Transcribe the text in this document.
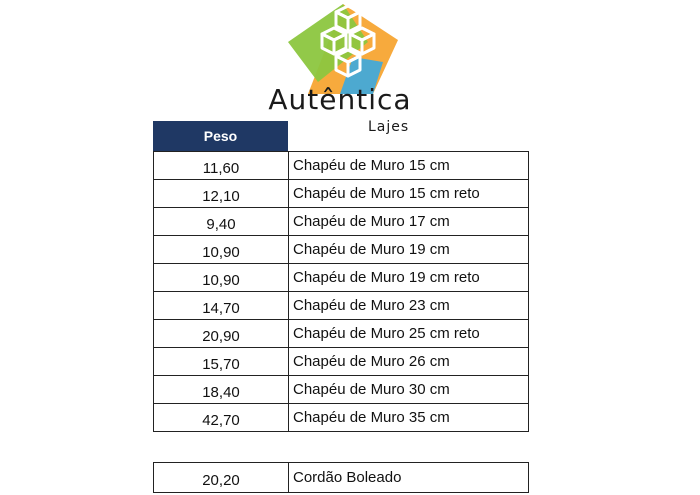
Autêntica
Lajes
Peso
11,60	Chapéu de Muro 15 cm
12,10	Chapéu de Muro 15 cm reto
9,40	Chapéu de Muro 17 cm
10,90	Chapéu de Muro 19 cm
10,90	Chapéu de Muro 19 cm reto
14,70	Chapéu de Muro 23 cm
20,90	Chapéu de Muro 25 cm reto
15,70	Chapéu de Muro 26 cm
18,40	Chapéu de Muro 30 cm
42,70	Chapéu de Muro 35 cm
20,20	Cordão Boleado
